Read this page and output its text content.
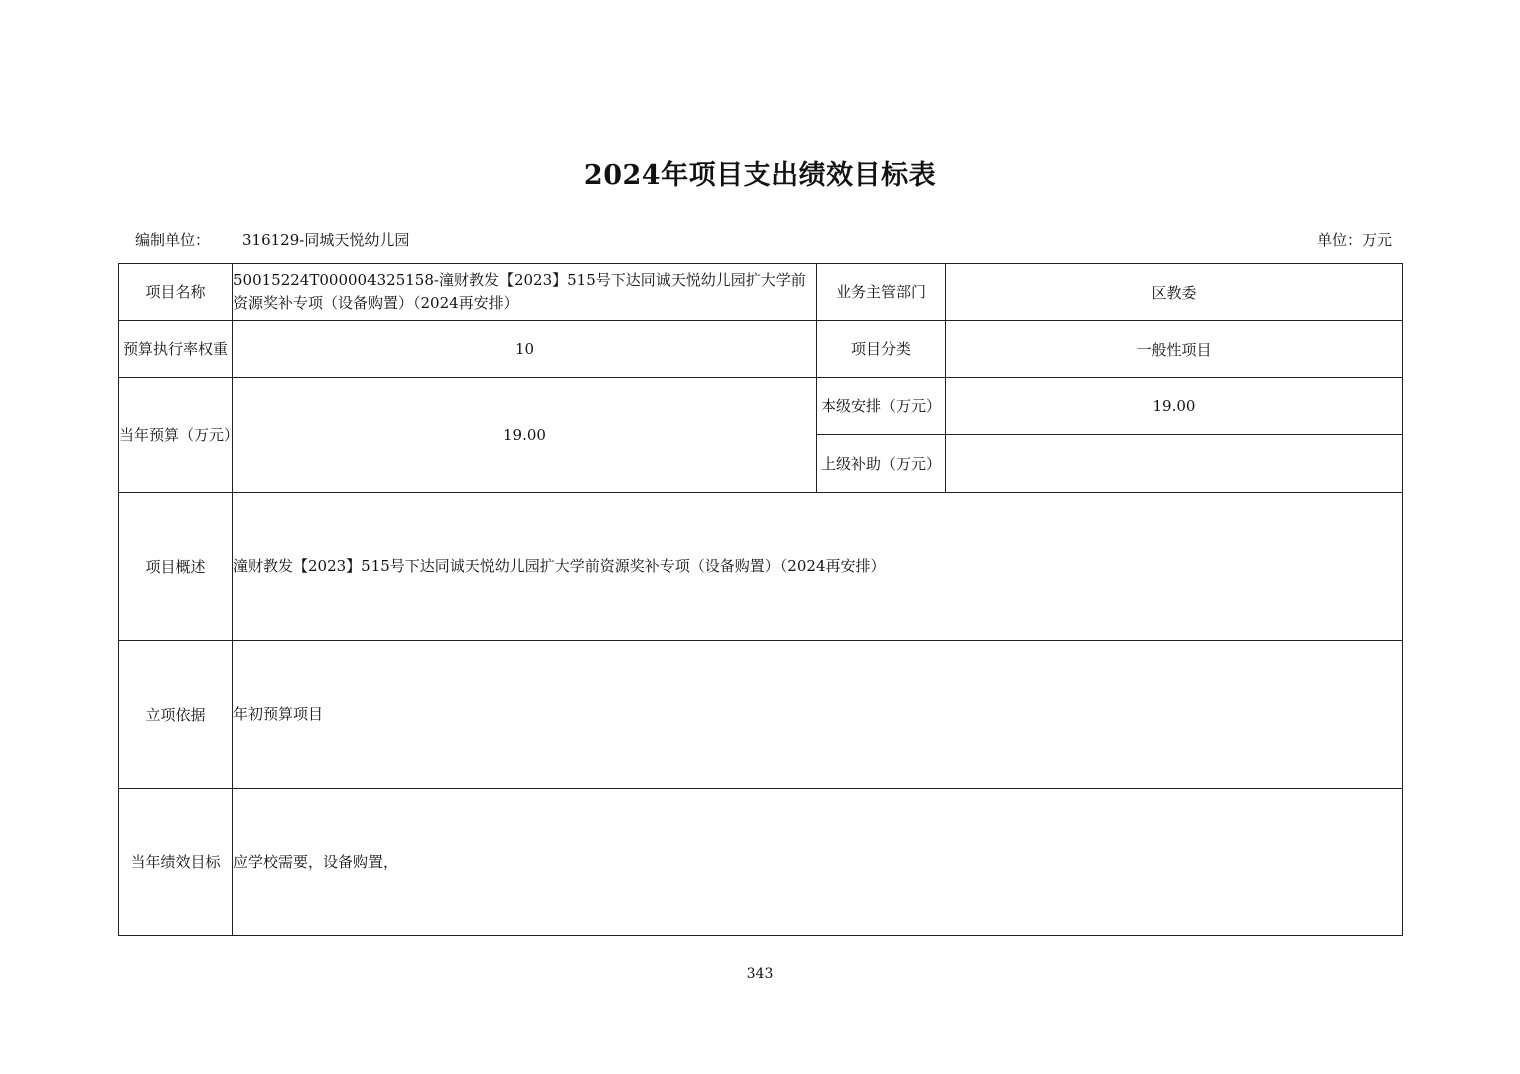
2024年项目支出绩效目标表
编制单位： 316129-同城天悦幼儿园	单位：万元
项目名称	50015224T000004325158-潼财教发【2023】515号下达同诚天悦幼儿园扩大学前资源奖补专项（设备购置）（2024再安排）	业务主管部门	区教委
预算执行率权重	10	项目分类	一般性项目
当年预算（万元）	19.00	本级安排（万元）	19.00
		上级补助（万元）	
项目概述	潼财教发【2023】515号下达同诚天悦幼儿园扩大学前资源奖补专项（设备购置）（2024再安排）		
立项依据	年初预算项目		
当年绩效目标	应学校需要，设备购置，		
343
